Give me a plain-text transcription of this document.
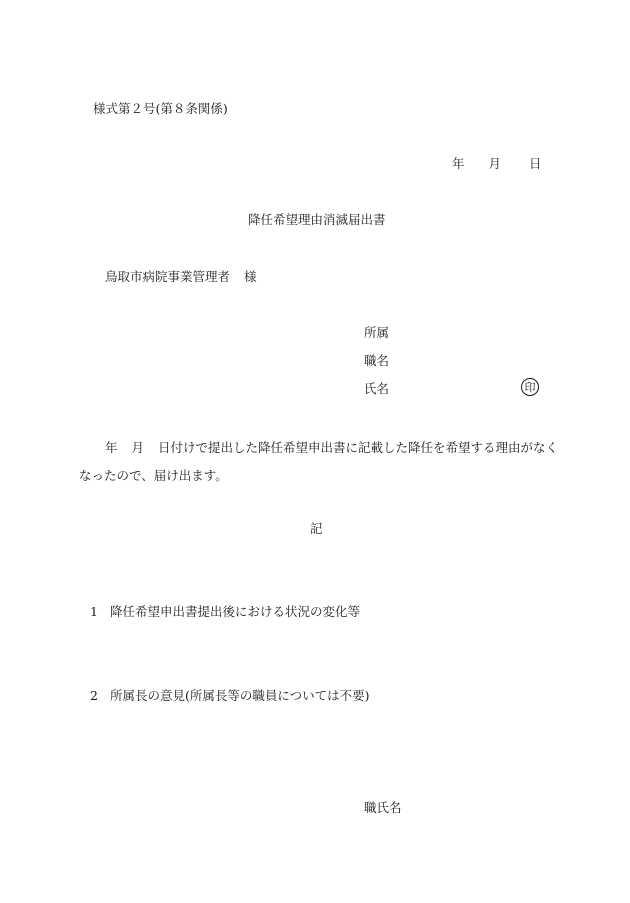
様式第２号(第８条関係)
年 月 日
降任希望理由消滅届出書
鳥取市病院事業管理者 様
所属
職名
氏名	印
年 月 日付けで提出した降任希望申出書に記載した降任を希望する理由がなく
なったので、届け出ます。
記
1 降任希望申出書提出後における状況の変化等
2 所属長の意見(所属長等の職員については不要)
職氏名
